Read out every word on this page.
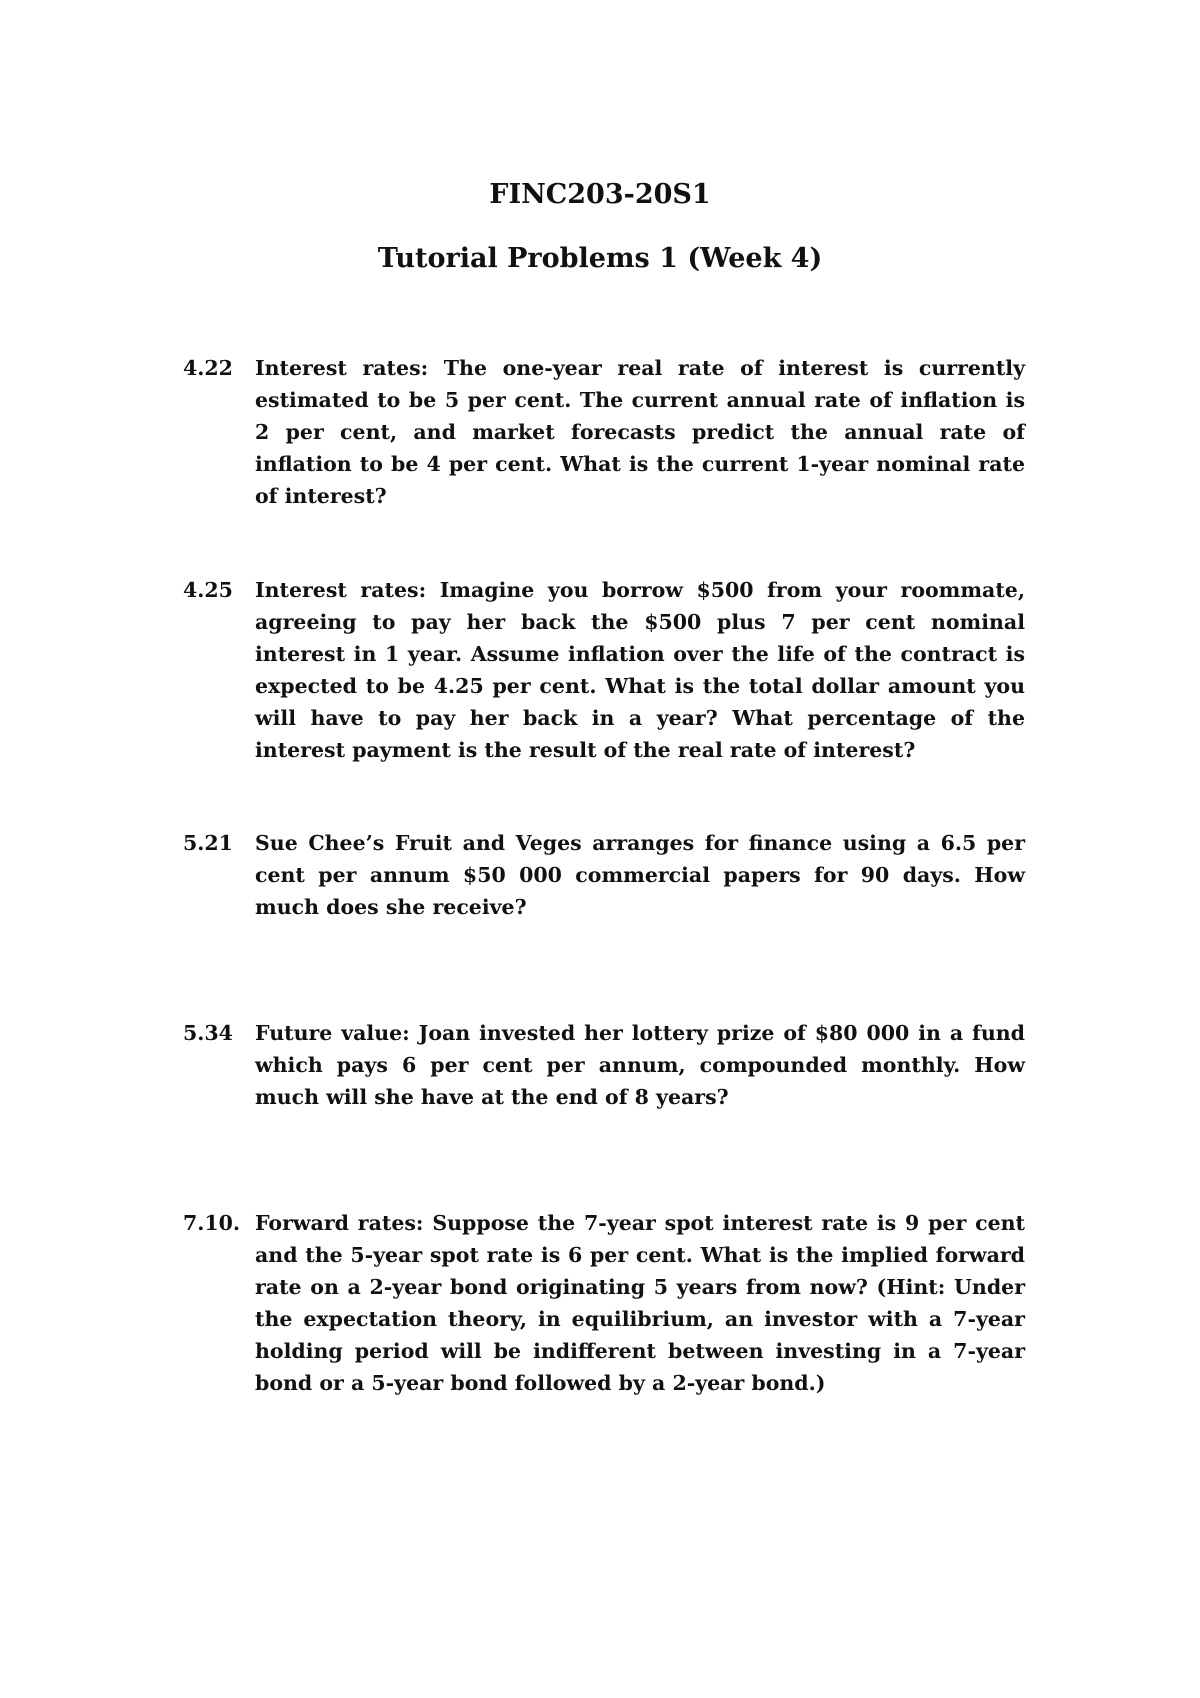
FINC203-20S1
Tutorial Problems 1 (Week 4)
4.22	Interest rates: The one-year real rate of interest is currently estimated to be 5 per cent. The current annual rate of inflation is 2 per cent, and market forecasts predict the annual rate of inflation to be 4 per cent. What is the current 1-year nominal rate of interest?
4.25	Interest rates: Imagine you borrow $500 from your roommate, agreeing to pay her back the $500 plus 7 per cent nominal interest in 1 year. Assume inflation over the life of the contract is expected to be 4.25 per cent. What is the total dollar amount you will have to pay her back in a year? What percentage of the interest payment is the result of the real rate of interest?
5.21	Sue Chee’s Fruit and Veges arranges for finance using a 6.5 per cent per annum $50 000 commercial papers for 90 days. How much does she receive?
5.34	Future value: Joan invested her lottery prize of $80 000 in a fund which pays 6 per cent per annum, compounded monthly. How much will she have at the end of 8 years?
7.10. Forward rates: Suppose the 7-year spot interest rate is 9 per cent and the 5-year spot rate is 6 per cent. What is the implied forward rate on a 2-year bond originating 5 years from now? (Hint: Under the expectation theory, in equilibrium, an investor with a 7-year holding period will be indifferent between investing in a 7-year bond or a 5-year bond followed by a 2-year bond.)
